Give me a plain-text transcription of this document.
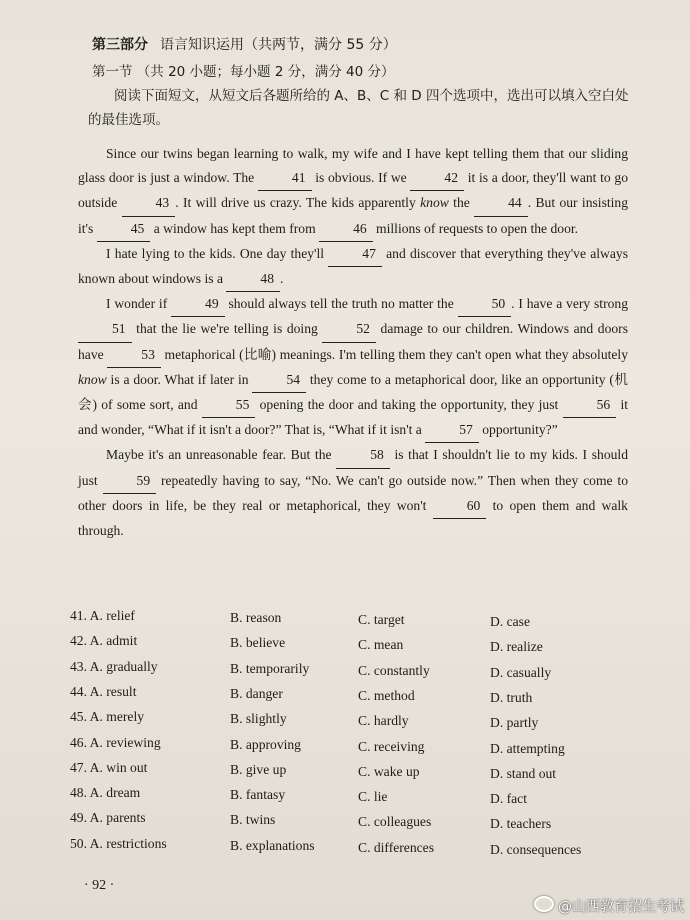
第三部分 语言知识运用（共两节，满分 55 分）
第一节 （共 20 小题；每小题 2 分，满分 40 分）
阅读下面短文，从短文后各题所给的 A、B、C 和 D 四个选项中，选出可以填入空白处的最佳选项。

Since our twins began learning to walk, my wife and I have kept telling them that our sliding glass door is just a window. The	41 is obvious. If we	42 it is a door, they'll want to go outside	43 . It will drive us crazy. The kids apparently know the	44 . But our insisting it's	45 a window has kept them from	46 millions of requests to open the door.

I hate lying to the kids. One day they'll	47 and discover that everything they've always known about windows is a	48 .

I wonder if	49 should always tell the truth no matter the	50 . I have a very strong 51 that the lie we're telling is doing	52 damage to our children. Windows and doors have	53 metaphorical (比喻) meanings. I'm telling them they can't open what they absolutely know is a door. What if later in	54 they come to a metaphorical door, like an opportunity (机会) of some sort, and	55 opening the door and taking the opportunity, they just	56 it and wonder, “What if it isn't a door?” That is, “What if it isn't a	57 opportunity?”

Maybe it's an unreasonable fear. But the	58 is that I shouldn't lie to my kids. I should just	59 repeatedly having to say, “No. We can't go outside now.” Then when they come to other doors in life, be they real or metaphorical, they won't	60 to open them and walk through.

41. A. relief	B. reason	C. target	D. case
42. A. admit	B. believe	C. mean	D. realize
43. A. gradually	B. temporarily	C. constantly	D. casually
44. A. result	B. danger	C. method	D. truth
45. A. merely	B. slightly	C. hardly	D. partly
46. A. reviewing	B. approving	C. receiving	D. attempting
47. A. win out	B. give up	C. wake up	D. stand out
48. A. dream	B. fantasy	C. lie	D. fact
49. A. parents	B. twins	C. colleagues	D. teachers
50. A. restrictions	B. explanations	C. differences	D. consequences
· 92 ·
@山西教育招生考试
